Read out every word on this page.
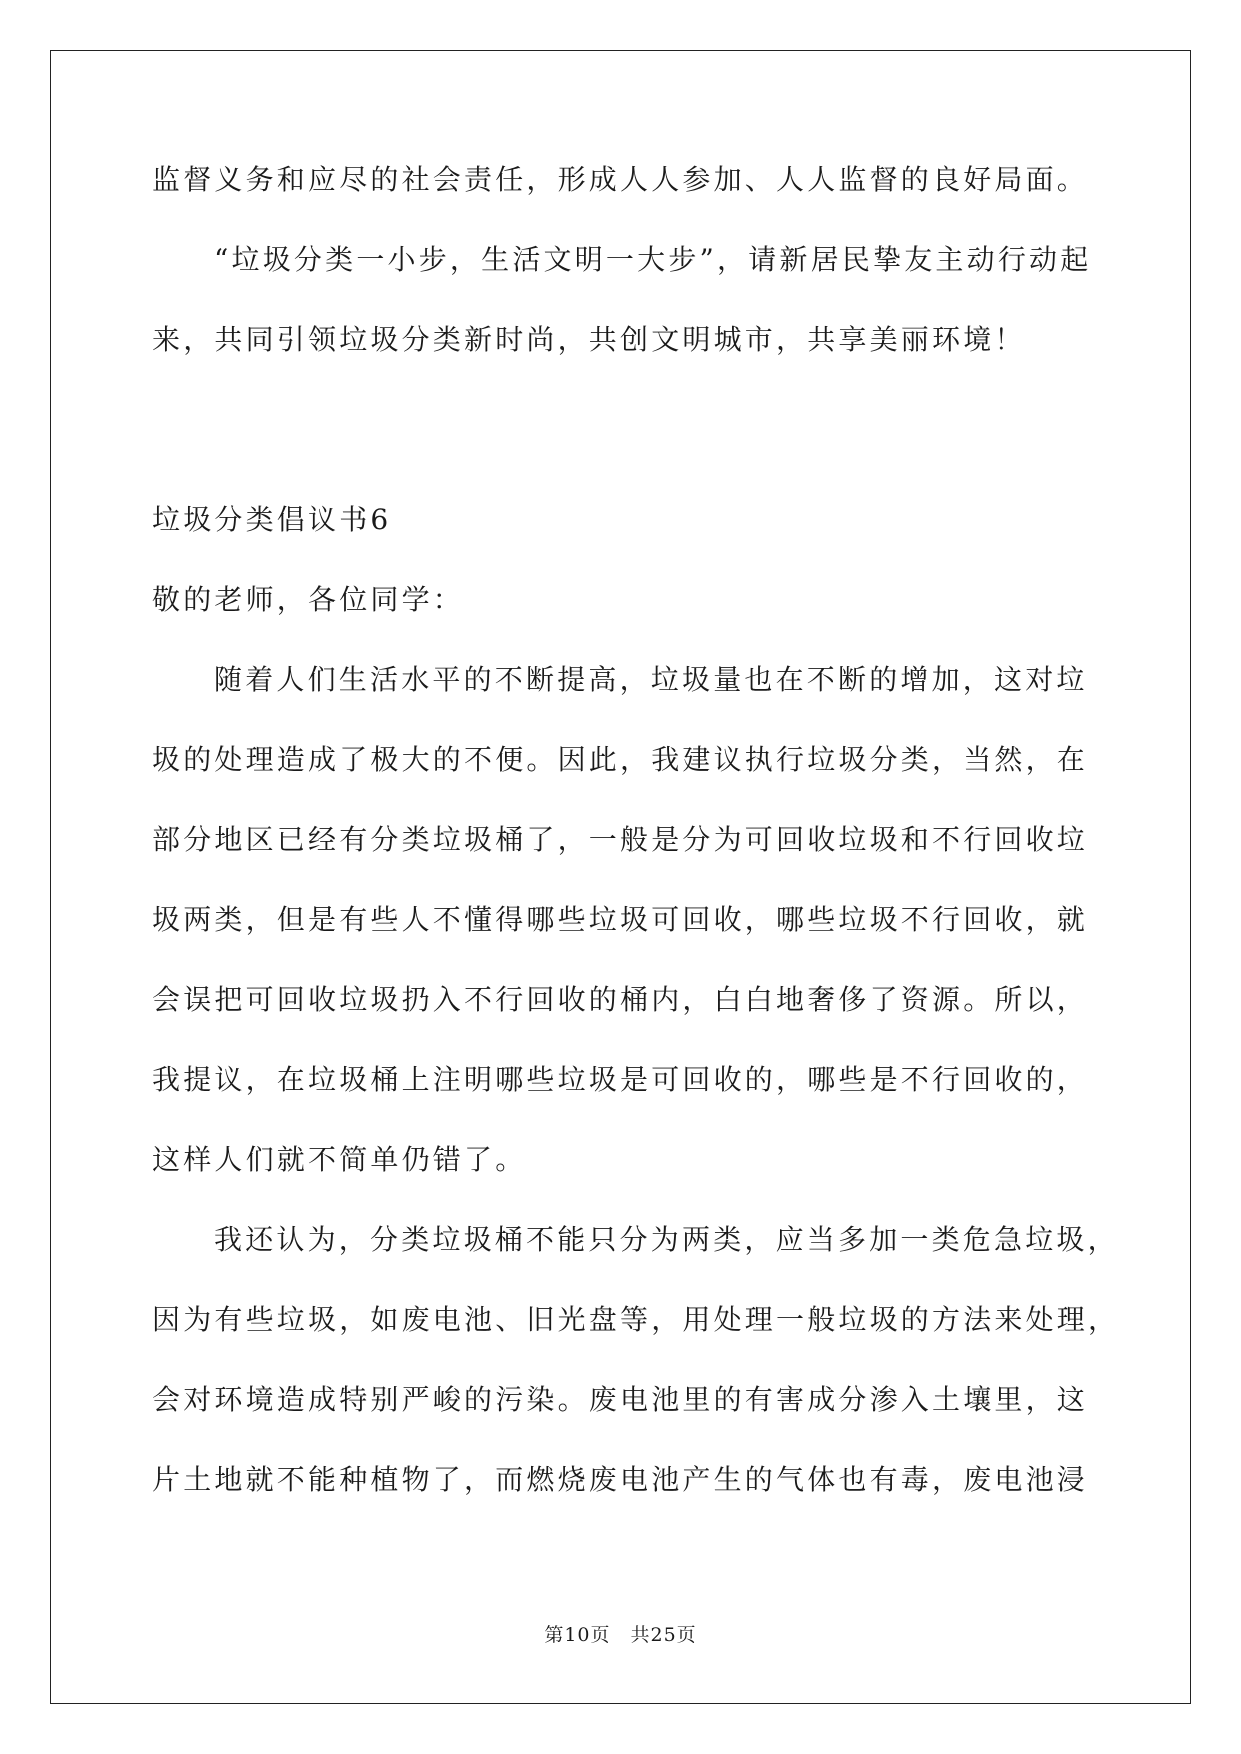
监督义务和应尽的社会责任，形成人人参加、人人监督的良好局面。

“垃圾分类一小步，生活文明一大步”，请新居民挚友主动行动起

来，共同引领垃圾分类新时尚，共创文明城市，共享美丽环境！

垃圾分类倡议书6

敬的老师，各位同学：

随着人们生活水平的不断提高，垃圾量也在不断的增加，这对垃

圾的处理造成了极大的不便。因此，我建议执行垃圾分类，当然，在

部分地区已经有分类垃圾桶了，一般是分为可回收垃圾和不行回收垃

圾两类，但是有些人不懂得哪些垃圾可回收，哪些垃圾不行回收，就

会误把可回收垃圾扔入不行回收的桶内，白白地奢侈了资源。所以，

我提议，在垃圾桶上注明哪些垃圾是可回收的，哪些是不行回收的，

这样人们就不简单仍错了。

我还认为，分类垃圾桶不能只分为两类，应当多加一类危急垃圾，

因为有些垃圾，如废电池、旧光盘等，用处理一般垃圾的方法来处理，

会对环境造成特别严峻的污染。废电池里的有害成分渗入土壤里，这

片土地就不能种植物了，而燃烧废电池产生的气体也有毒，废电池浸

第10页　共25页
